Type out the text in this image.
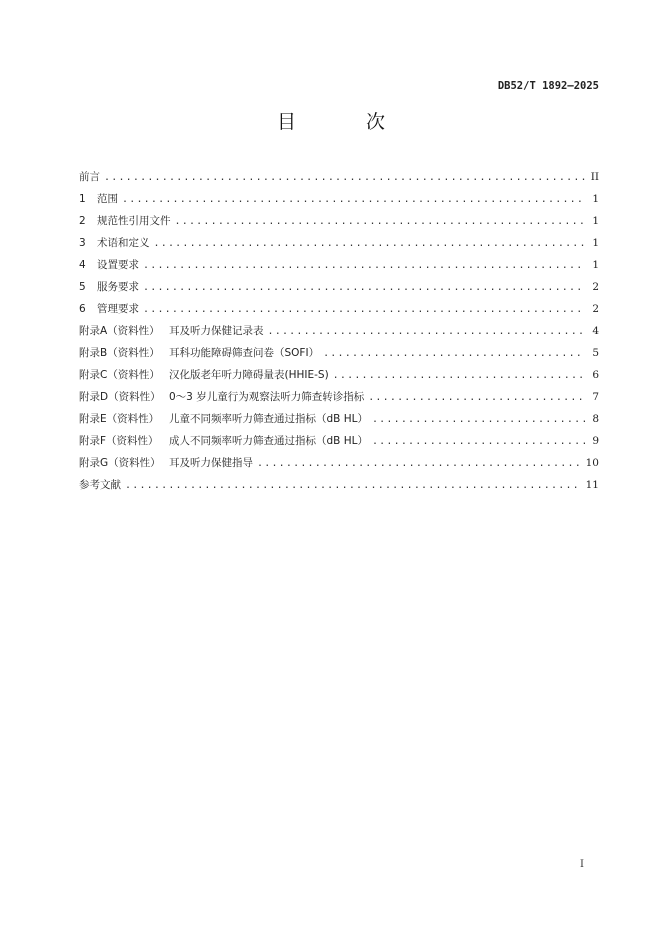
DB52/T 1892—2025
目 次
前言 .....	II
1	范围 .....	1
2	规范性引用文件 .....	1
3	术语和定义 .....	1
4	设置要求 .....	1
5	服务要求 .....	2
6	管理要求 .....	2
附录A（资料性） 耳及听力保健记录表 .....	4
附录B（资料性） 耳科功能障碍筛查问卷（SOFI） .....	5
附录C（资料性） 汉化版老年听力障碍量表(HHIE-S) .....	6
附录D（资料性） 0～3 岁儿童行为观察法听力筛查转诊指标 .....	7
附录E（资料性） 儿童不同频率听力筛查通过指标（dB HL） .....	8
附录F（资料性） 成人不同频率听力筛查通过指标（dB HL） .....	9
附录G（资料性） 耳及听力保健指导 .....	10
参考文献 .....	11
I
